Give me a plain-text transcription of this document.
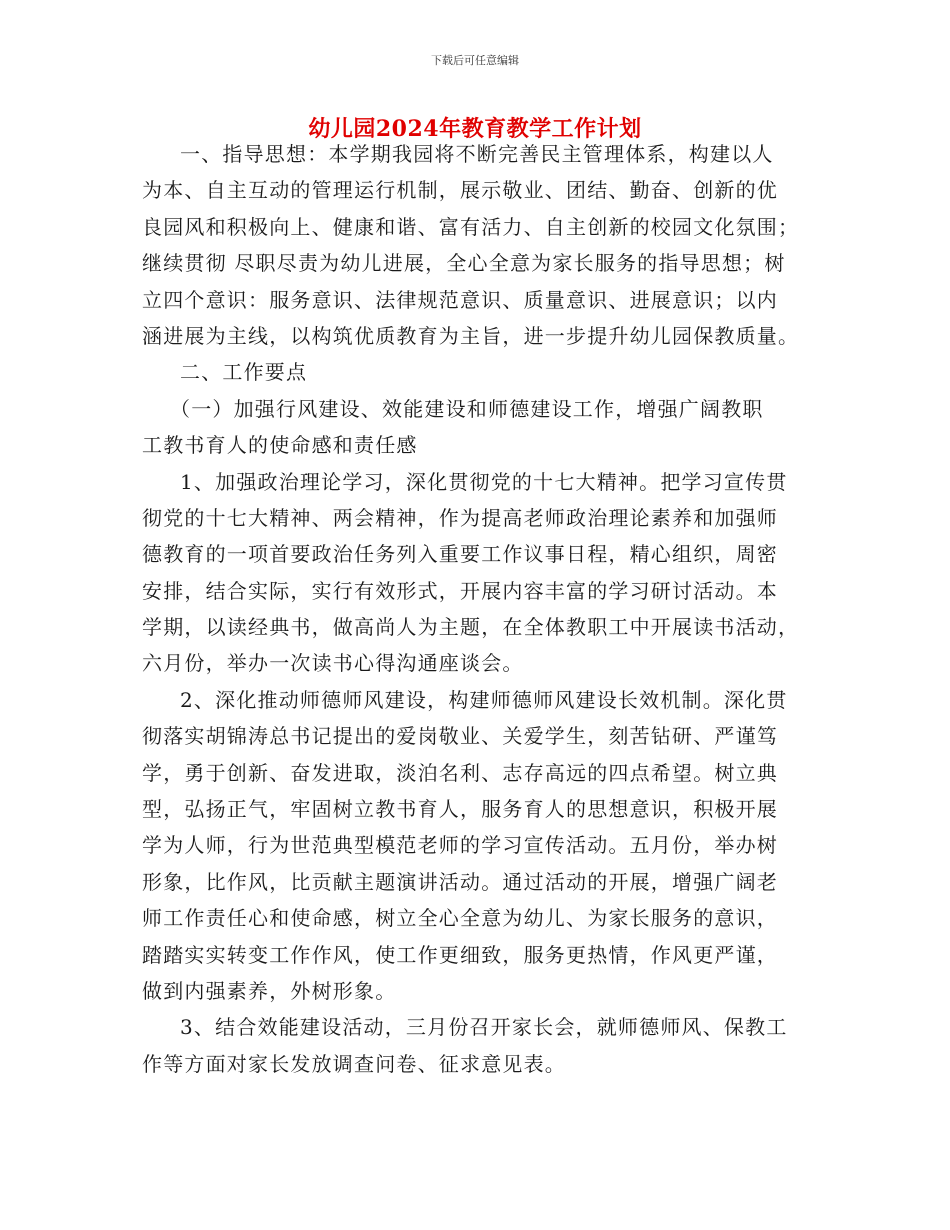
下载后可任意编辑
幼儿园2024年教育教学工作计划
一、指导思想：本学期我园将不断完善民主管理体系，构建以人
为本、自主互动的管理运行机制，展示敬业、团结、勤奋、创新的优
良园风和积极向上、健康和谐、富有活力、自主创新的校园文化氛围；
继续贯彻 尽职尽责为幼儿进展，全心全意为家长服务的指导思想；树
立四个意识：服务意识、法律规范意识、质量意识、进展意识；以内
涵进展为主线，以构筑优质教育为主旨，进一步提升幼儿园保教质量。
二、工作要点
（一）加强行风建设、效能建设和师德建设工作，增强广阔教职
工教书育人的使命感和责任感
1、加强政治理论学习，深化贯彻党的十七大精神。把学习宣传贯
彻党的十七大精神、两会精神，作为提高老师政治理论素养和加强师
德教育的一项首要政治任务列入重要工作议事日程，精心组织，周密
安排，结合实际，实行有效形式，开展内容丰富的学习研讨活动。本
学期，以读经典书，做高尚人为主题，在全体教职工中开展读书活动，
六月份，举办一次读书心得沟通座谈会。
2、深化推动师德师风建设，构建师德师风建设长效机制。深化贯
彻落实胡锦涛总书记提出的爱岗敬业、关爱学生，刻苦钻研、严谨笃
学，勇于创新、奋发进取，淡泊名利、志存高远的四点希望。树立典
型，弘扬正气，牢固树立教书育人，服务育人的思想意识，积极开展
学为人师，行为世范典型模范老师的学习宣传活动。五月份，举办树
形象，比作风，比贡献主题演讲活动。通过活动的开展，增强广阔老
师工作责任心和使命感，树立全心全意为幼儿、为家长服务的意识，
踏踏实实转变工作作风，使工作更细致，服务更热情，作风更严谨，
做到内强素养，外树形象。
3、结合效能建设活动，三月份召开家长会，就师德师风、保教工
作等方面对家长发放调查问卷、征求意见表。
